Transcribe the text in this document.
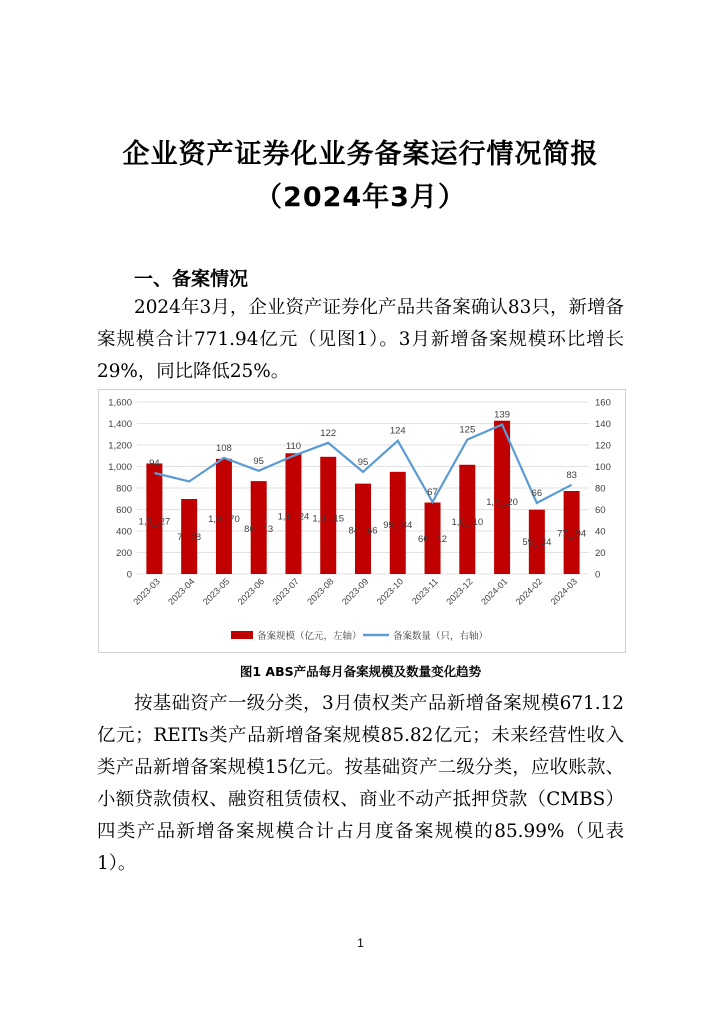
企业资产证券化业务备案运行情况简报
（2024年3月）
一、备案情况

2024年3月，企业资产证券化产品共备案确认83只，新增备案规模合计771.94亿元（见图1）。3月新增备案规模环比增长29%，同比降低25%。

0
200
400
600
800
1,000
1,200
1,400
1,600
0
20
40
60
80
100
120
140
160
1,0_.27
7_.78
1,0_.70
86_.13
1,1_.24 1,0_.15
84_.66 95_.34
66_.12
1,0_.10
1,4_.20
59_.34
77_.94
94
108
95
110
122
95
124
67
125
139
66
83
2023-03 2023-04 2023-05 2023-06 2023-07 2023-08 2023-09 2023-10 2023-11 2023-12 2024-01 2024-02 2024-03
备案规模（亿元，左轴）	备案数量（只，右轴）
图1 ABS产品每月备案规模及数量变化趋势

按基础资产一级分类，3月债权类产品新增备案规模671.12亿元；REITs类产品新增备案规模85.82亿元；未来经营性收入类产品新增备案规模15亿元。按基础资产二级分类，应收账款、小额贷款债权、融资租赁债权、商业不动产抵押贷款（CMBS）四类产品新增备案规模合计占月度备案规模的85.99%（见表1）。

1
